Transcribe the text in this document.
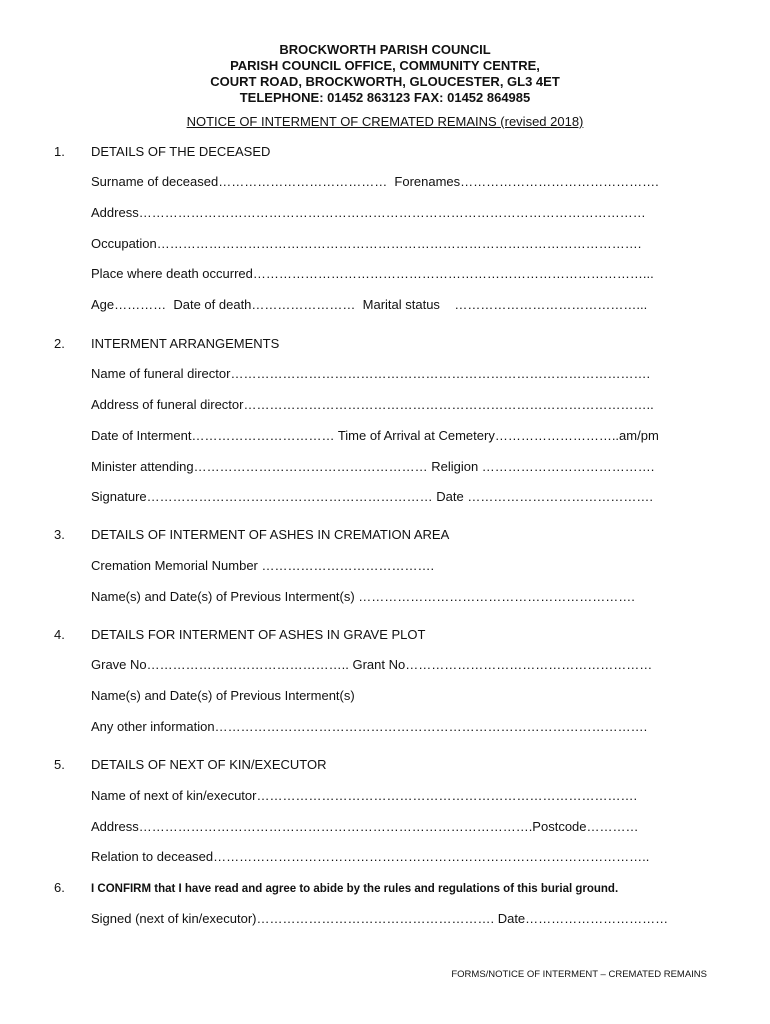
BROCKWORTH PARISH COUNCIL
PARISH COUNCIL OFFICE, COMMUNITY CENTRE,
COURT ROAD, BROCKWORTH, GLOUCESTER, GL3 4ET
TELEPHONE: 01452 863123 FAX: 01452 864985
NOTICE OF INTERMENT OF CREMATED REMAINS (revised 2018)
1. DETAILS OF THE DECEASED
Surname of deceased…………………………………  Forenames……………………………………….
Address………………………………………………………………………………………………………
Occupation………………………………………………………………………………………………….
Place where death occurred………………………………………………………………………………...
Age…………  Date of death……………………  Marital status    ……………………………………...
2. INTERMENT ARRANGEMENTS
Name of funeral director…………………………………………………………………………………….
Address of funeral director…………………………………………………………………………………..
Date of Interment…………………………… Time of Arrival at Cemetery………………………..am/pm
Minister attending……………………………………………… Religion ………………………………….
Signature………………………………………………………… Date …………………………………….
3. DETAILS OF INTERMENT OF ASHES IN CREMATION AREA
Cremation Memorial Number ………………………………….
Name(s) and Date(s) of Previous Interment(s) ……………………………………………………….
4. DETAILS FOR INTERMENT OF ASHES IN GRAVE PLOT
Grave No……………………………………….. Grant No…………………………………………………
Name(s) and Date(s) of Previous Interment(s)
Any other information……………………………………………………………………………………….
5. DETAILS OF NEXT OF KIN/EXECUTOR
Name of next of kin/executor…………………………………………………………………………….
Address……………………………………………………………………………….Postcode…………
Relation to deceased………………………………………………………………………………………..
6. I CONFIRM that I have read and agree to abide by the rules and regulations of this burial ground.
Signed (next of kin/executor)………………………………………………. Date……………………………
FORMS/NOTICE OF INTERMENT – CREMATED REMAINS
